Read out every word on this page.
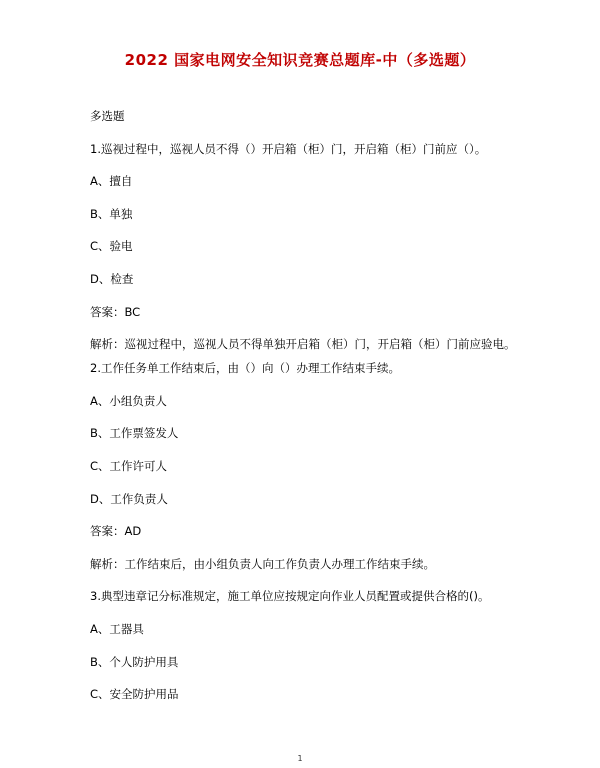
2022 国家电网安全知识竞赛总题库-中（多选题）
多选题
1.巡视过程中，巡视人员不得（）开启箱（柜）门，开启箱（柜）门前应（）。
A、擅自
B、单独
C、验电
D、检查
答案：BC
解析：巡视过程中，巡视人员不得单独开启箱（柜）门，开启箱（柜）门前应验电。
2.工作任务单工作结束后，由（）向（）办理工作结束手续。
A、小组负责人
B、工作票签发人
C、工作许可人
D、工作负责人
答案：AD
解析：工作结束后，由小组负责人向工作负责人办理工作结束手续。
3.典型违章记分标准规定，施工单位应按规定向作业人员配置或提供合格的()。
A、工器具
B、个人防护用具
C、安全防护用品
1
